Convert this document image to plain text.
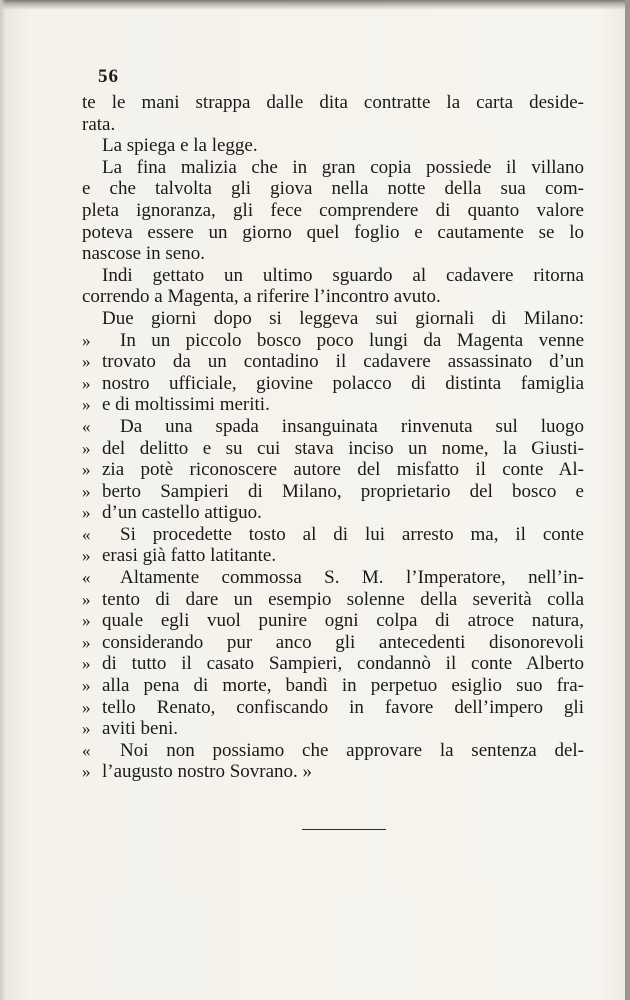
56
te le mani strappa dalle dita contratte la carta deside-
rata.
La spiega e la legge.
La fina malizia che in gran copia possiede il villano
e che talvolta gli giova nella notte della sua com-
pleta ignoranza, gli fece comprendere di quanto valore
poteva essere un giorno quel foglio e cautamente se lo
nascose in seno.
Indi gettato un ultimo sguardo al cadavere ritorna
correndo a Magenta, a riferire l’incontro avuto.
Due giorni dopo si leggeva sui giornali di Milano:
» In un piccolo bosco poco lungi da Magenta venne
» trovato da un contadino il cadavere assassinato d’un
» nostro ufficiale, giovine polacco di distinta famiglia
» e di moltissimi meriti.
« Da una spada insanguinata rinvenuta sul luogo
» del delitto e su cui stava inciso un nome, la Giusti-
» zia potè riconoscere autore del misfatto il conte Al-
» berto Sampieri di Milano, proprietario del bosco e
» d’un castello attiguo.
« Si procedette tosto al di lui arresto ma, il conte
» erasi già fatto latitante.
« Altamente commossa S. M. l’Imperatore, nell’in-
» tento di dare un esempio solenne della severità colla
» quale egli vuol punire ogni colpa di atroce natura,
» considerando pur anco gli antecedenti disonorevoli
» di tutto il casato Sampieri, condannò il conte Alberto
» alla pena di morte, bandì in perpetuo esiglio suo fra-
» tello Renato, confiscando in favore dell’impero gli
» aviti beni.
« Noi non possiamo che approvare la sentenza del-
» l’augusto nostro Sovrano. »
